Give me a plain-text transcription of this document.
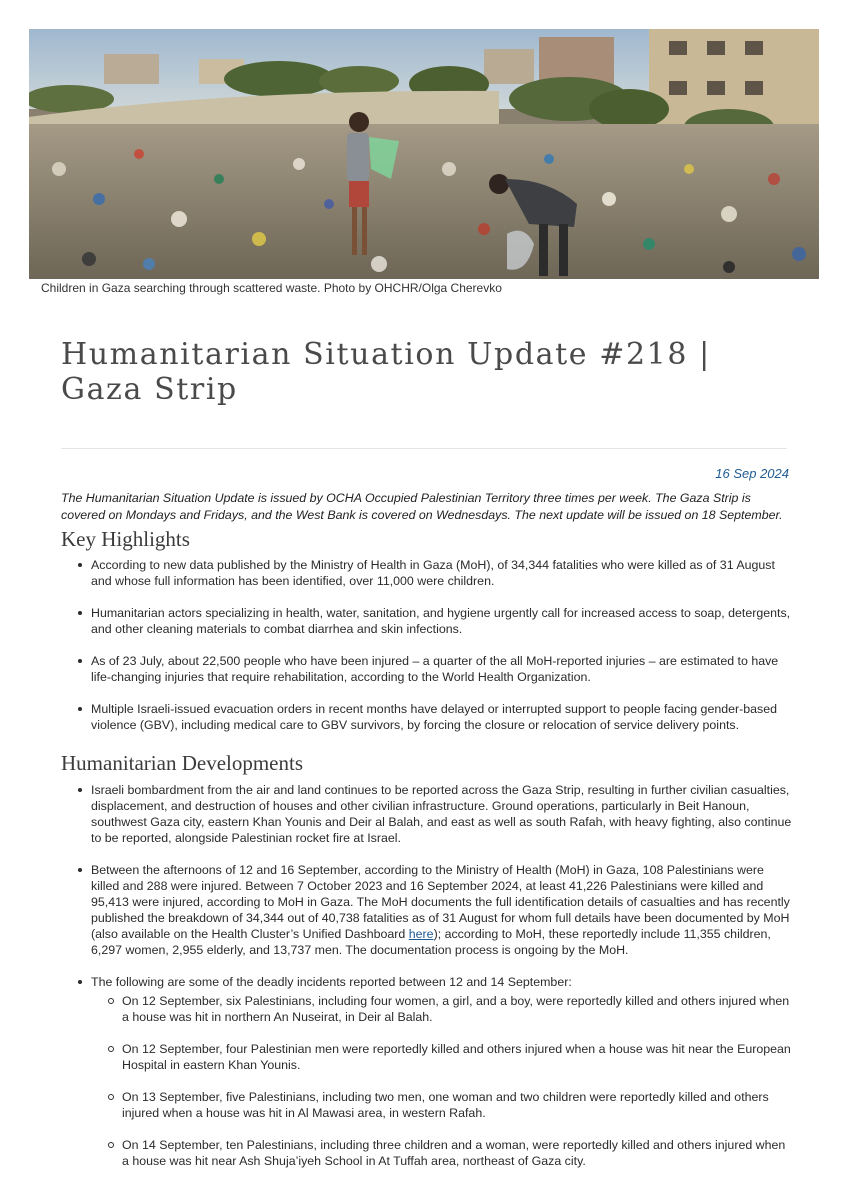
Children in Gaza searching through scattered waste. Photo by OHCHR/Olga Cherevko
Humanitarian Situation Update #218 | Gaza Strip
16 Sep 2024

The Humanitarian Situation Update is issued by OCHA Occupied Palestinian Territory three times per week. The Gaza Strip is covered on Mondays and Fridays, and the West Bank is covered on Wednesdays. The next update will be issued on 18 September.

Key Highlights
According to new data published by the Ministry of Health in Gaza (MoH), of 34,344 fatalities who were killed as of 31 August and whose full information has been identified, over 11,000 were children.
Humanitarian actors specializing in health, water, sanitation, and hygiene urgently call for increased access to soap, detergents, and other cleaning materials to combat diarrhea and skin infections.
As of 23 July, about 22,500 people who have been injured – a quarter of the all MoH-reported injuries – are estimated to have life-changing injuries that require rehabilitation, according to the World Health Organization.
Multiple Israeli-issued evacuation orders in recent months have delayed or interrupted support to people facing gender-based violence (GBV), including medical care to GBV survivors, by forcing the closure or relocation of service delivery points.
Humanitarian Developments
Israeli bombardment from the air and land continues to be reported across the Gaza Strip, resulting in further civilian casualties, displacement, and destruction of houses and other civilian infrastructure. Ground operations, particularly in Beit Hanoun, southwest Gaza city, eastern Khan Younis and Deir al Balah, and east as well as south Rafah, with heavy fighting, also continue to be reported, alongside Palestinian rocket fire at Israel.
Between the afternoons of 12 and 16 September, according to the Ministry of Health (MoH) in Gaza, 108 Palestinians were killed and 288 were injured. Between 7 October 2023 and 16 September 2024, at least 41,226 Palestinians were killed and 95,413 were injured, according to MoH in Gaza. The MoH documents the full identification details of casualties and has recently published the breakdown of 34,344 out of 40,738 fatalities as of 31 August for whom full details have been documented by MoH (also available on the Health Cluster’s Unified Dashboard here); according to MoH, these reportedly include 11,355 children, 6,297 women, 2,955 elderly, and 13,737 men. The documentation process is ongoing by the MoH.
The following are some of the deadly incidents reported between 12 and 14 September:
On 12 September, six Palestinians, including four women, a girl, and a boy, were reportedly killed and others injured when a house was hit in northern An Nuseirat, in Deir al Balah.
On 12 September, four Palestinian men were reportedly killed and others injured when a house was hit near the European Hospital in eastern Khan Younis.
On 13 September, five Palestinians, including two men, one woman and two children were reportedly killed and others injured when a house was hit in Al Mawasi area, in western Rafah.
On 14 September, ten Palestinians, including three children and a woman, were reportedly killed and others injured when a house was hit near Ash Shuja’iyeh School in At Tuffah area, northeast of Gaza city.
